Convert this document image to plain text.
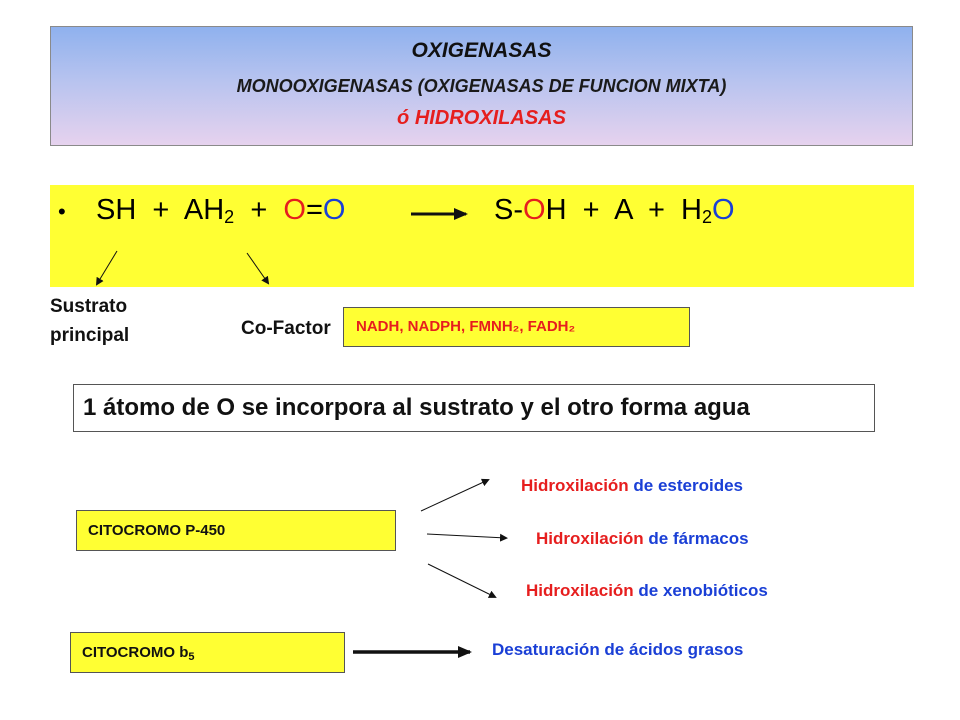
OXIGENASAS
MONOOXIGENASAS (OXIGENASAS DE FUNCION MIXTA)
ó HIDROXILASAS
• SH + $AH_2 + O=O$	$S-OH + A + H_2O$
Sustrato
principal	Co-Factor	NADH, NADPH, FMNH₂, FADH₂
1 átomo de O se incorpora al sustrato y el otro forma agua
CITOCROMO P-450
CITOCROMO $b_5$
Hidroxilación de esteroides
Hidroxilación de fármacos
Hidroxilación de xenobióticos
Desaturación de ácidos grasos
